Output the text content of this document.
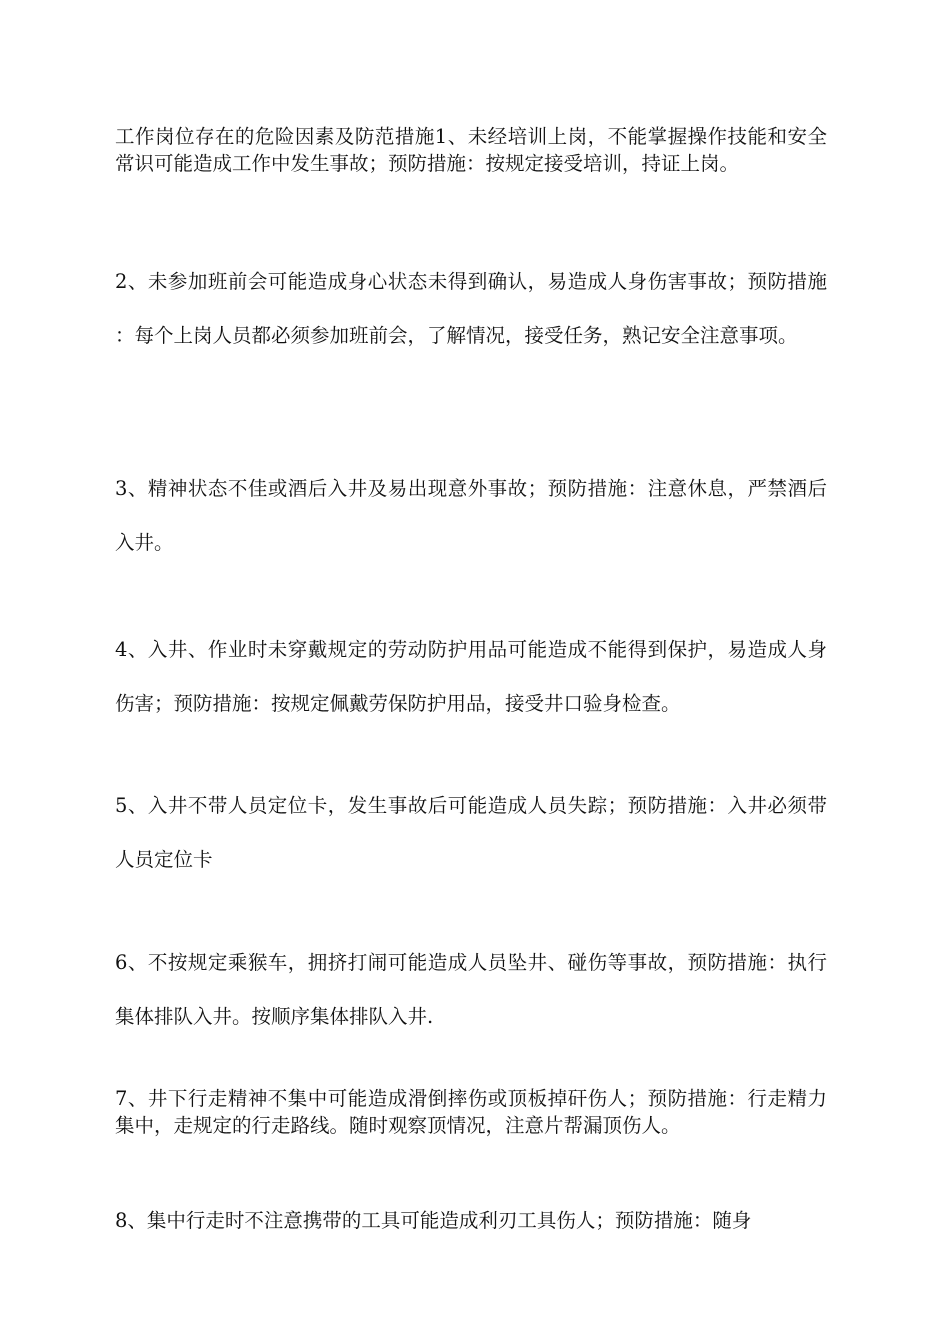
工作岗位存在的危险因素及防范措施1、未经培训上岗，不能掌握操作技能和安全常识可能造成工作中发生事故；预防措施：按规定接受培训，持证上岗。

2、未参加班前会可能造成身心状态未得到确认，易造成人身伤害事故；预防措施：每个上岗人员都必须参加班前会，了解情况，接受任务，熟记安全注意事项。

3、精神状态不佳或酒后入井及易出现意外事故；预防措施：注意休息，严禁酒后入井。

4、入井、作业时未穿戴规定的劳动防护用品可能造成不能得到保护，易造成人身伤害；预防措施：按规定佩戴劳保防护用品，接受井口验身检查。

5、入井不带人员定位卡，发生事故后可能造成人员失踪；预防措施：入井必须带人员定位卡

6、不按规定乘猴车，拥挤打闹可能造成人员坠井、碰伤等事故，预防措施：执行集体排队入井。按顺序集体排队入井.

7、井下行走精神不集中可能造成滑倒摔伤或顶板掉矸伤人；预防措施：行走精力集中，走规定的行走路线。随时观察顶情况，注意片帮漏顶伤人。

8、集中行走时不注意携带的工具可能造成利刃工具伤人；预防措施：随身
